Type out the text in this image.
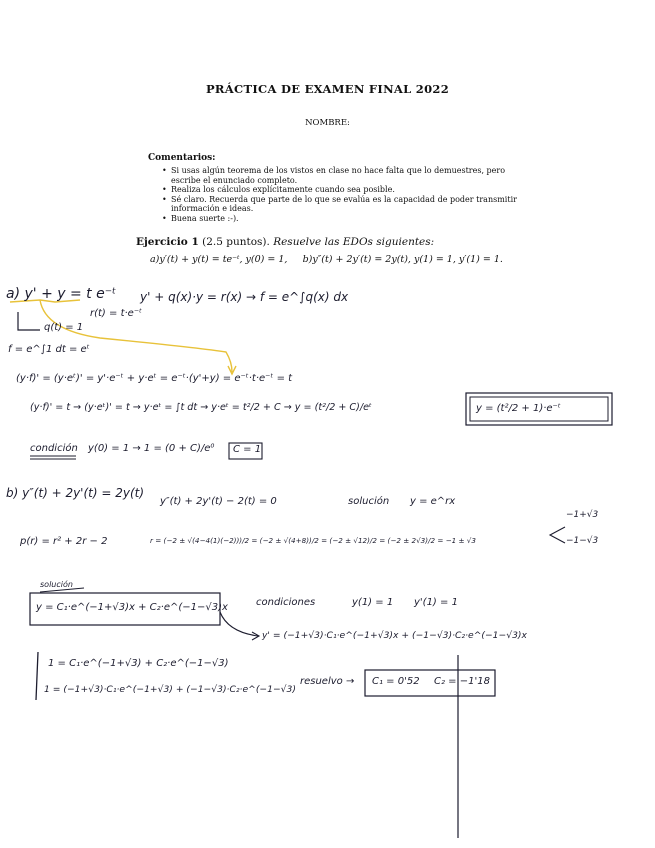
PRÁCTICA DE EXAMEN FINAL 2022
NOMBRE:
Comentarios:
• Si usas algún teorema de los vistos en clase no hace falta que lo demuestres, pero escribe el enunciado completo.
• Realiza los cálculos explícitamente cuando sea posible.
• Sé claro. Recuerda que parte de lo que se evalúa es la capacidad de poder transmitir información e ideas.
• Buena suerte :-).
Ejercicio 1 (2.5 puntos). Resuelve las EDOs siguientes:
a)y′(t) + y(t) = te⁻ᵗ, y(0) = 1, b)y″(t) + 2y′(t) = 2y(t), y(1) = 1, y′(1) = 1.
a) y' + y = t e⁻ᵗ y' + q(x)·y = r(x) → f = e^∫q(x) dx
r(t) = t·e⁻ᵗ
q(t) = 1
f = e^∫1 dt = eᵗ
(y·f)' = (y·eᵗ)' = y'·e⁻ᵗ + y·eᵗ = e⁻ᵗ·(y'+y) = e⁻ᵗ·t·e⁻ᵗ = t
(y·f)' = t → (y·eᵗ)' = t → y·eᵗ = ∫t dt → y·eᵗ = t²/2 + C → y = (t²/2 + C)/eᵗ	y = (t²/2 + 1)·e⁻ᵗ
condición y(0) = 1 → 1 = (0 + C)/e⁰ C = 1
b) y″(t) + 2y'(t) = 2y(t)
y″(t) + 2y'(t) − 2(t) = 0	solución y = e^rx
p(r) = r² + 2r − 2	r = (−2 ± √(4−4(1)(−2)))/2 = (−2 ± √(4+8))/2 = (−2 ± √12)/2 = (−2 ± 2√3)/2 = −1 ± √3
−1+√3
−1−√3
solución
y = C₁·e^(−1+√3)x + C₂·e^(−1−√3)x	condiciones	y(1) = 1 y'(1) = 1
y' = (−1+√3)·C₁·e^(−1+√3)x + (−1−√3)·C₂·e^(−1−√3)x
1 = C₁·e^(−1+√3) + C₂·e^(−1−√3)
1 = (−1+√3)·C₁·e^(−1+√3) + (−1−√3)·C₂·e^(−1−√3)
resuelvo → C₁ = 0'52 C₂ = −1'18
